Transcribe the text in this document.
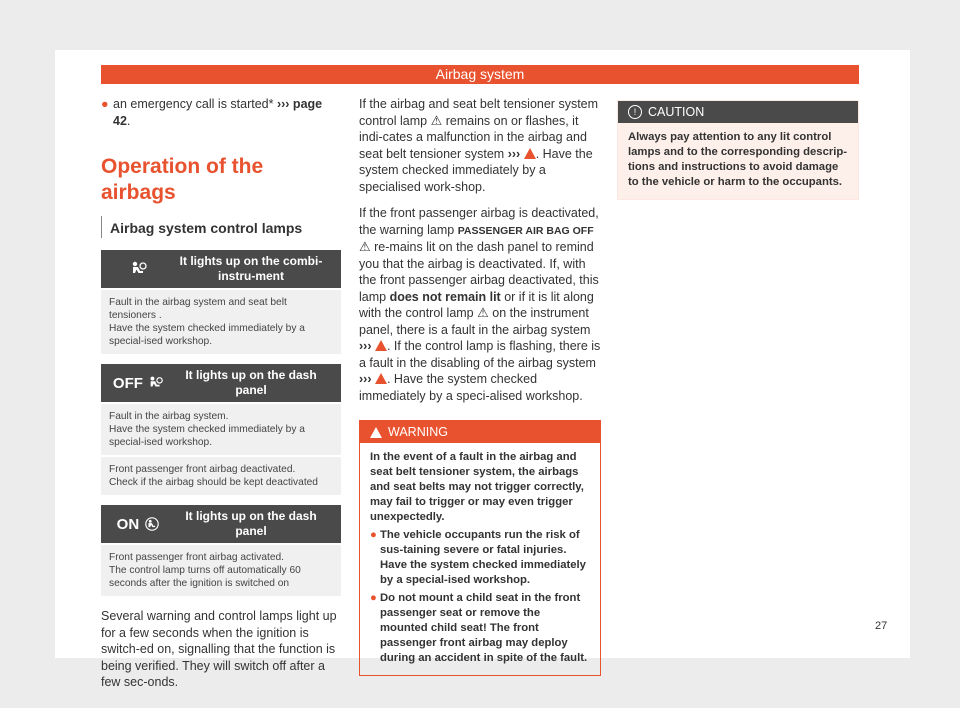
Airbag system
● an emergency call is started* ››› page 42.
Operation of the airbags
Airbag system control lamps
It lights up on the combi-instru-ment
Fault in the airbag system and seat belt tensioners .
Have the system checked immediately by a special-ised workshop.
OFF
	It lights up on the dash panel
Fault in the airbag system.
Have the system checked immediately by a special-ised workshop.
Front passenger front airbag deactivated.
Check if the airbag should be kept deactivated
ON
	It lights up on the dash panel
Front passenger front airbag activated.
The control lamp turns off automatically 60 seconds after the ignition is switched on
Several warning and control lamps light up for a few seconds when the ignition is switch-ed on, signalling that the function is being verified. They will switch off after a few sec-onds.
If the airbag and seat belt tensioner system control lamp ⚠ remains on or flashes, it indi-cates a malfunction in the airbag and seat belt tensioner system ››› . Have the system checked immediately by a specialised work-shop.
If the front passenger airbag is deactivated, the warning lamp PASSENGER AIR BAG OFF ⚠ re-mains lit on the dash panel to remind you that the airbag is deactivated. If, with the front passenger airbag deactivated, this lamp does not remain lit or if it is lit along with the control lamp ⚠ on the instrument panel, there is a fault in the airbag system ››› . If the control lamp is flashing, there is a fault in the disabling of the airbag system ››› . Have the system checked immediately by a speci-alised workshop.
WARNING
In the event of a fault in the airbag and seat belt tensioner system, the airbags and seat belts may not trigger correctly, may fail to trigger or may even trigger unexpectedly.
● The vehicle occupants run the risk of sus-taining severe or fatal injuries. Have the system checked immediately by a special-ised workshop.
● Do not mount a child seat in the front passenger seat or remove the mounted child seat! The front passenger front airbag may deploy during an accident in spite of the fault.
! CAUTION
Always pay attention to any lit control lamps and to the corresponding descrip-tions and instructions to avoid damage to the vehicle or harm to the occupants.
27
